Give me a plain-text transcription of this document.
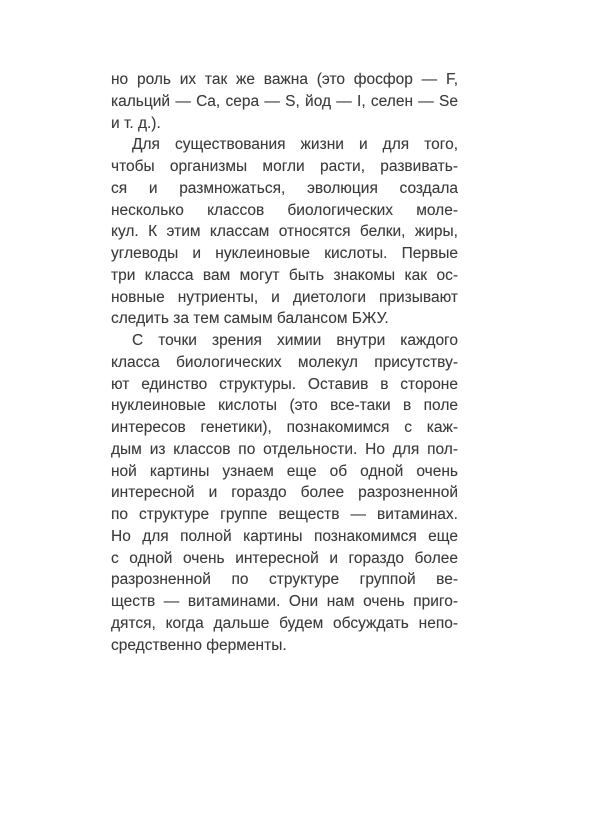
но роль их так же важна (это фосфор — F,
кальций — Ca, сера — S, йод — I, селен — Se
и т. д.).
Для существования жизни и для того,
чтобы организмы могли расти, развивать-
ся и размножаться, эволюция создала
несколько классов биологических моле-
кул. К этим классам относятся белки, жиры,
углеводы и нуклеиновые кислоты. Первые
три класса вам могут быть знакомы как ос-
новные нутриенты, и диетологи призывают
следить за тем самым балансом БЖУ.
С точки зрения химии внутри каждого
класса биологических молекул присутству-
ют единство структуры. Оставив в стороне
нуклеиновые кислоты (это все-таки в поле
интересов генетики), познакомимся с каж-
дым из классов по отдельности. Но для пол-
ной картины узнаем еще об одной очень
интересной и гораздо более разрозненной
по структуре группе веществ — витаминах.
Но для полной картины познакомимся еще
с одной очень интересной и гораздо более
разрозненной по структуре группой ве-
ществ — витаминами. Они нам очень приго-
дятся, когда дальше будем обсуждать непо-
средственно ферменты.
